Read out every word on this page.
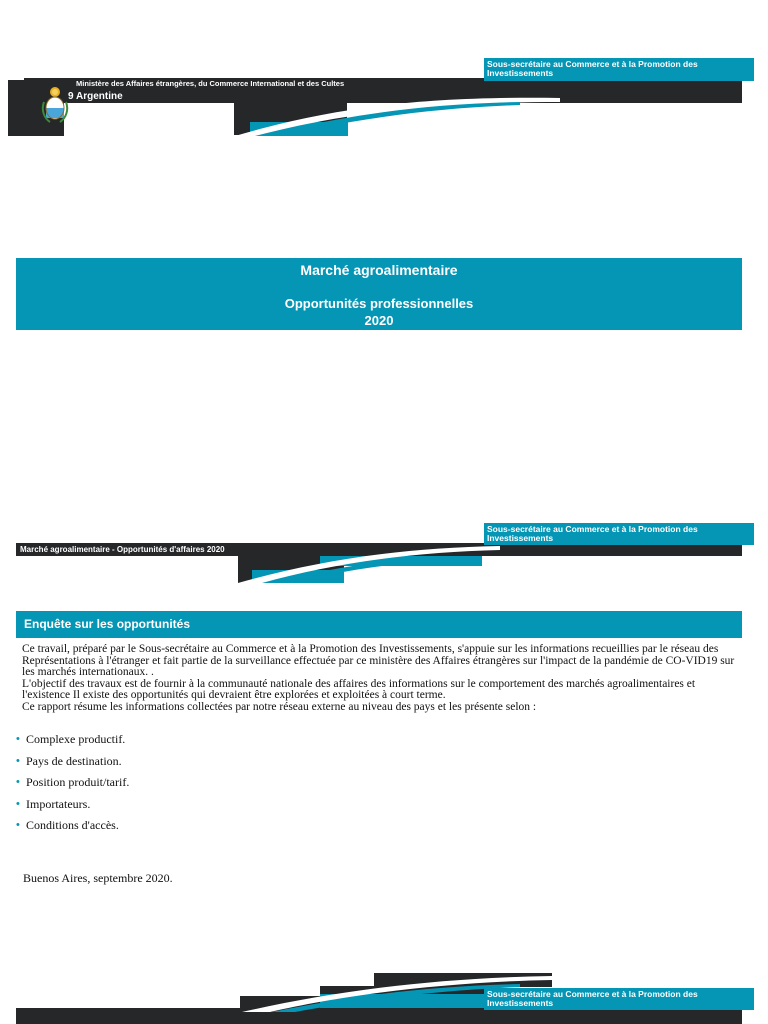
Sous-secrétaire au Commerce et à la Promotion des Investissements
Ministère des Affaires étrangères, du Commerce International et des Cultes
9 Argentine
Marché agroalimentaire
Opportunités professionnelles
2020
Sous-secrétaire au Commerce et à la Promotion des Investissements
Marché agroalimentaire - Opportunités d'affaires 2020
Enquête sur les opportunités
Ce travail, préparé par le Sous-secrétaire au Commerce et à la Promotion des Investissements, s'appuie sur les informations recueillies par le réseau des Représentations à l'étranger et fait partie de la surveillance effectuée par ce ministère des Affaires étrangères sur l'impact de la pandémie de CO-VID19 sur les marchés internationaux. .
L'objectif des travaux est de fournir à la communauté nationale des affaires des informations sur le comportement des marchés agroalimentaires et l'existence Il existe des opportunités qui devraient être explorées et exploitées à court terme.
Ce rapport résume les informations collectées par notre réseau externe au niveau des pays et les présente selon :
• Complexe productif.
• Pays de destination.
• Position produit/tarif.
• Importateurs.
• Conditions d'accès.
Buenos Aires, septembre 2020.
Sous-secrétaire au Commerce et à la Promotion des Investissements
